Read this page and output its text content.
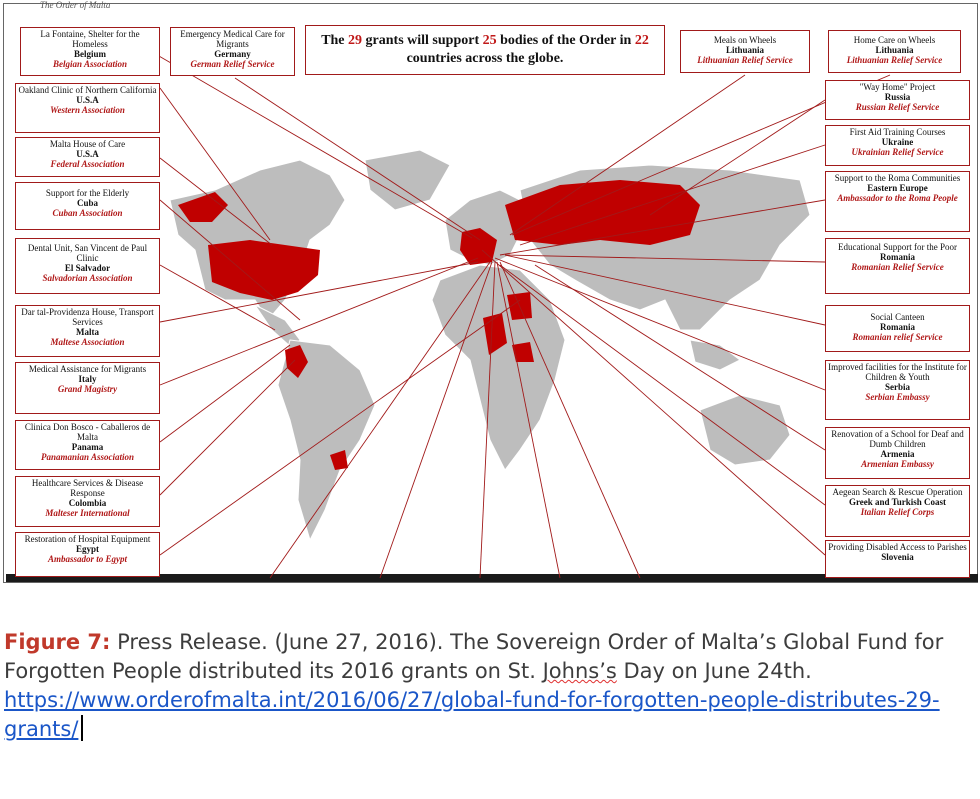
The Order of Malta
The 29 grants will support 25 bodies of the Order in 22 countries across the globe.
La Fontaine, Shelter for the Homeless
Belgium
Belgian Association
Oakland Clinic of Northern California
U.S.A
Western Association
Malta House of Care
U.S.A
Federal Association
Support for the Elderly
Cuba
Cuban Association
Dental Unit, San Vincent de Paul Clinic
El Salvador
Salvadorian Association
Dar tal-Providenza House, Transport Services
Malta
Maltese Association
Medical Assistance for Migrants
Italy
Grand Magistry
Clinica Don Bosco - Caballeros de Malta
Panama
Panamanian Association
Healthcare Services & Disease Response
Colombia
Malteser International
Restoration of Hospital Equipment
Egypt
Ambassador to Egypt
Emergency Medical Care for Migrants
Germany
German Relief Service
Meals on Wheels
Lithuania
Lithuanian Relief Service
Home Care on Wheels
Lithuania
Lithuanian Relief Service
"Way Home" Project
Russia
Russian Relief Service
First Aid Training Courses
Ukraine
Ukrainian Relief Service
Support to the Roma Communities
Eastern Europe
Ambassador to the Roma People
Educational Support for the Poor
Romania
Romanian Relief Service
Social Canteen
Romania
Romanian relief Service
Improved facilities for the Institute for Children & Youth
Serbia
Serbian Embassy
Renovation of a School for Deaf and Dumb Children
Armenia
Armenian Embassy
Aegean Search & Rescue Operation
Greek and Turkish Coast
Italian Relief Corps
Providing Disabled Access to Parishes
Slovenia
Figure 7: Press Release. (June 27, 2016). The Sovereign Order of Malta’s Global Fund for Forgotten People distributed its 2016 grants on St. Johns’s Day on June 24th. https://www.orderofmalta.int/2016/06/27/global-fund-for-forgotten-people-distributes-29-grants/
